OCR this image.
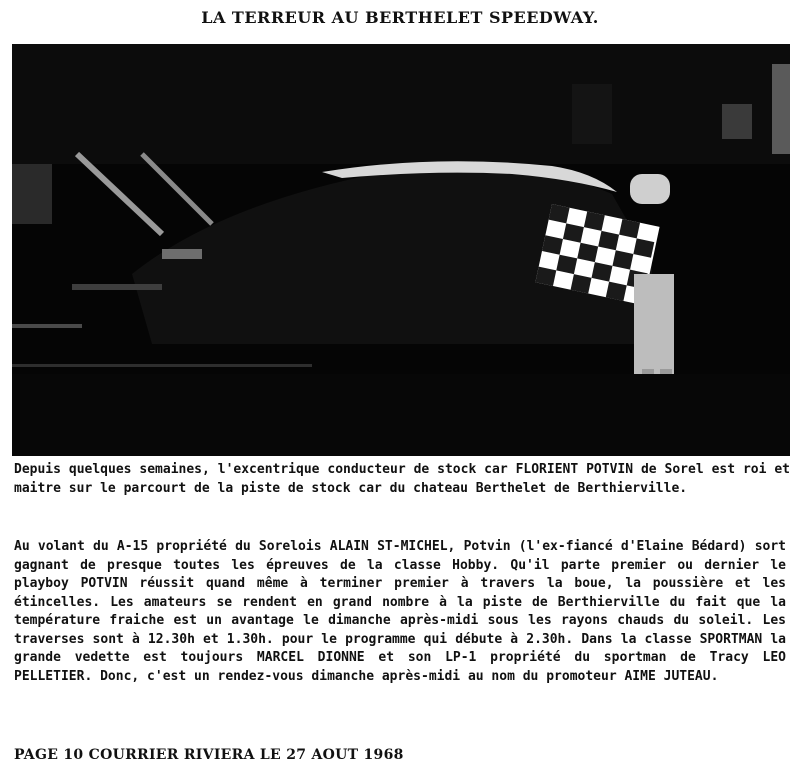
LA TERREUR AU BERTHELET SPEEDWAY.
Depuis quelques semaines, l'excentrique conducteur de stock car FLORIENT POTVIN de Sorel est roi et maitre sur le parcourt de la piste de stock car du chateau Berthelet de Berthierville.
Au volant du A-15 propriété du Sorelois ALAIN ST-MICHEL, Potvin (l'ex-fiancé d'Elaine Bédard) sort gagnant de presque toutes les épreuves de la classe Hobby. Qu'il parte premier ou dernier le playboy POTVIN réussit quand même à terminer premier à travers la boue, la poussière et les étincelles. Les amateurs se rendent en grand nombre à la piste de Berthierville du fait que la température fraiche est un avantage le dimanche après-midi sous les rayons chauds du soleil. Les traverses sont à 12.30h et 1.30h. pour le programme qui débute à 2.30h. Dans la classe SPORTMAN la grande vedette est toujours MARCEL DIONNE et son LP-1 propriété du sportman de Tracy LEO PELLETIER. Donc, c'est un rendez-vous dimanche après-midi au nom du promoteur AIME JUTEAU.
PAGE 10 COURRIER RIVIERA LE 27 AOUT 1968
